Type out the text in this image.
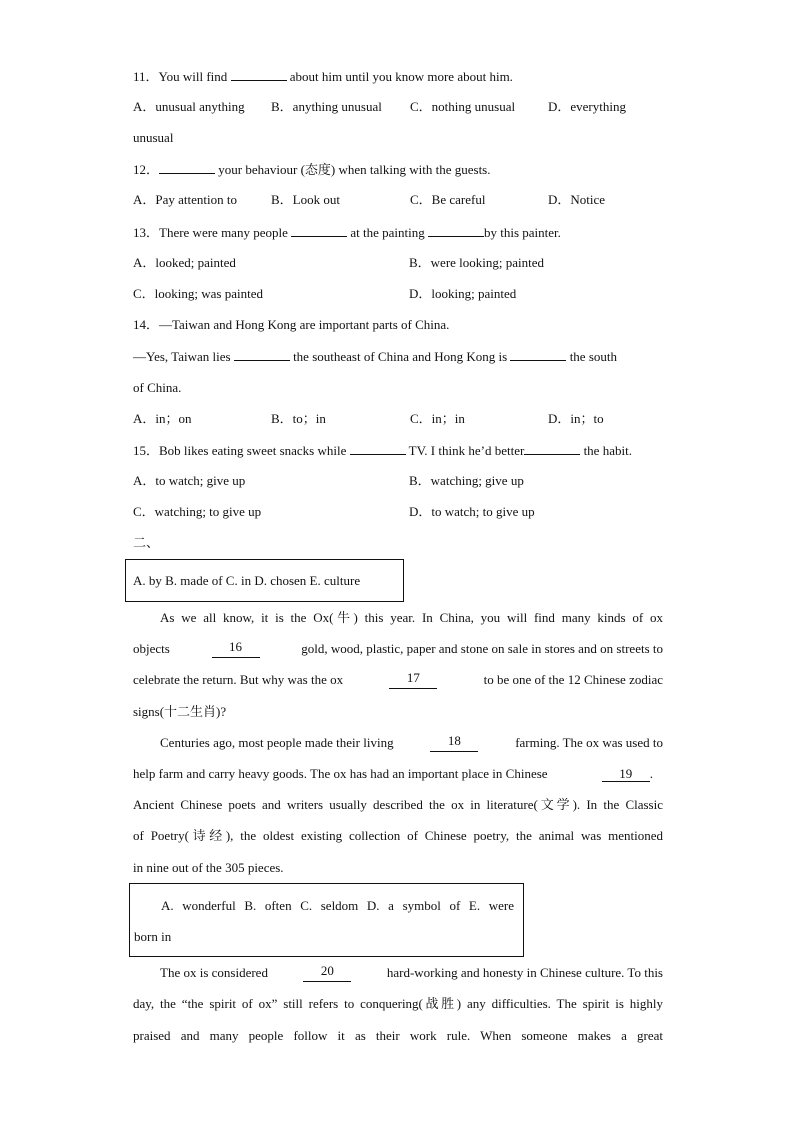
11．You will find	about him until you know more about him.
A．unusual anything B．anything unusual C．nothing unusual	D．everything
unusual
12．	your behaviour (态度) when talking with the guests.
A．Pay attention to	B．Look out	C．Be careful	D．Notice
13．There were many people	at the painting	by this painter.
A．looked; painted	B．were looking; painted
C．looking; was painted	D．looking; painted
14．—Taiwan and Hong Kong are important parts of China.
—Yes, Taiwan lies	the southeast of China and Hong Kong is	the south
of China.
A．in；on	B．to；in	C．in；in	D．in；to
15．Bob likes eating sweet snacks while	TV. I think he’d better	the habit.
A．to watch; give up	B．watching; give up
C．watching; to give up	D．to watch; to give up
二、
A. by B. made of C. in D. chosen E. culture
As we all know, it is the Ox(牛) this year. In China, you will find many kinds of ox
objects	16	gold, wood, plastic, paper and stone on sale in stores and on streets to
celebrate the return. But why was the ox	17	to be one of the 12 Chinese zodiac
signs(十二生肖)?
Centuries ago, most people made their living	18	farming. The ox was used to
help farm and carry heavy goods. The ox has had an important place in Chinese	19 .
Ancient Chinese poets and writers usually described the ox in literature(文学). In the Classic
of Poetry(诗经), the oldest existing collection of Chinese poetry, the animal was mentioned
in nine out of the 305 pieces.
A. wonderful B. often C. seldom D. a symbol of E. were
born in
The ox is considered	20	hard-working and honesty in Chinese culture. To this
day, the “the spirit of ox” still refers to conquering(战胜) any difficulties. The spirit is highly
praised and many people follow it as their work rule. When someone makes a great
